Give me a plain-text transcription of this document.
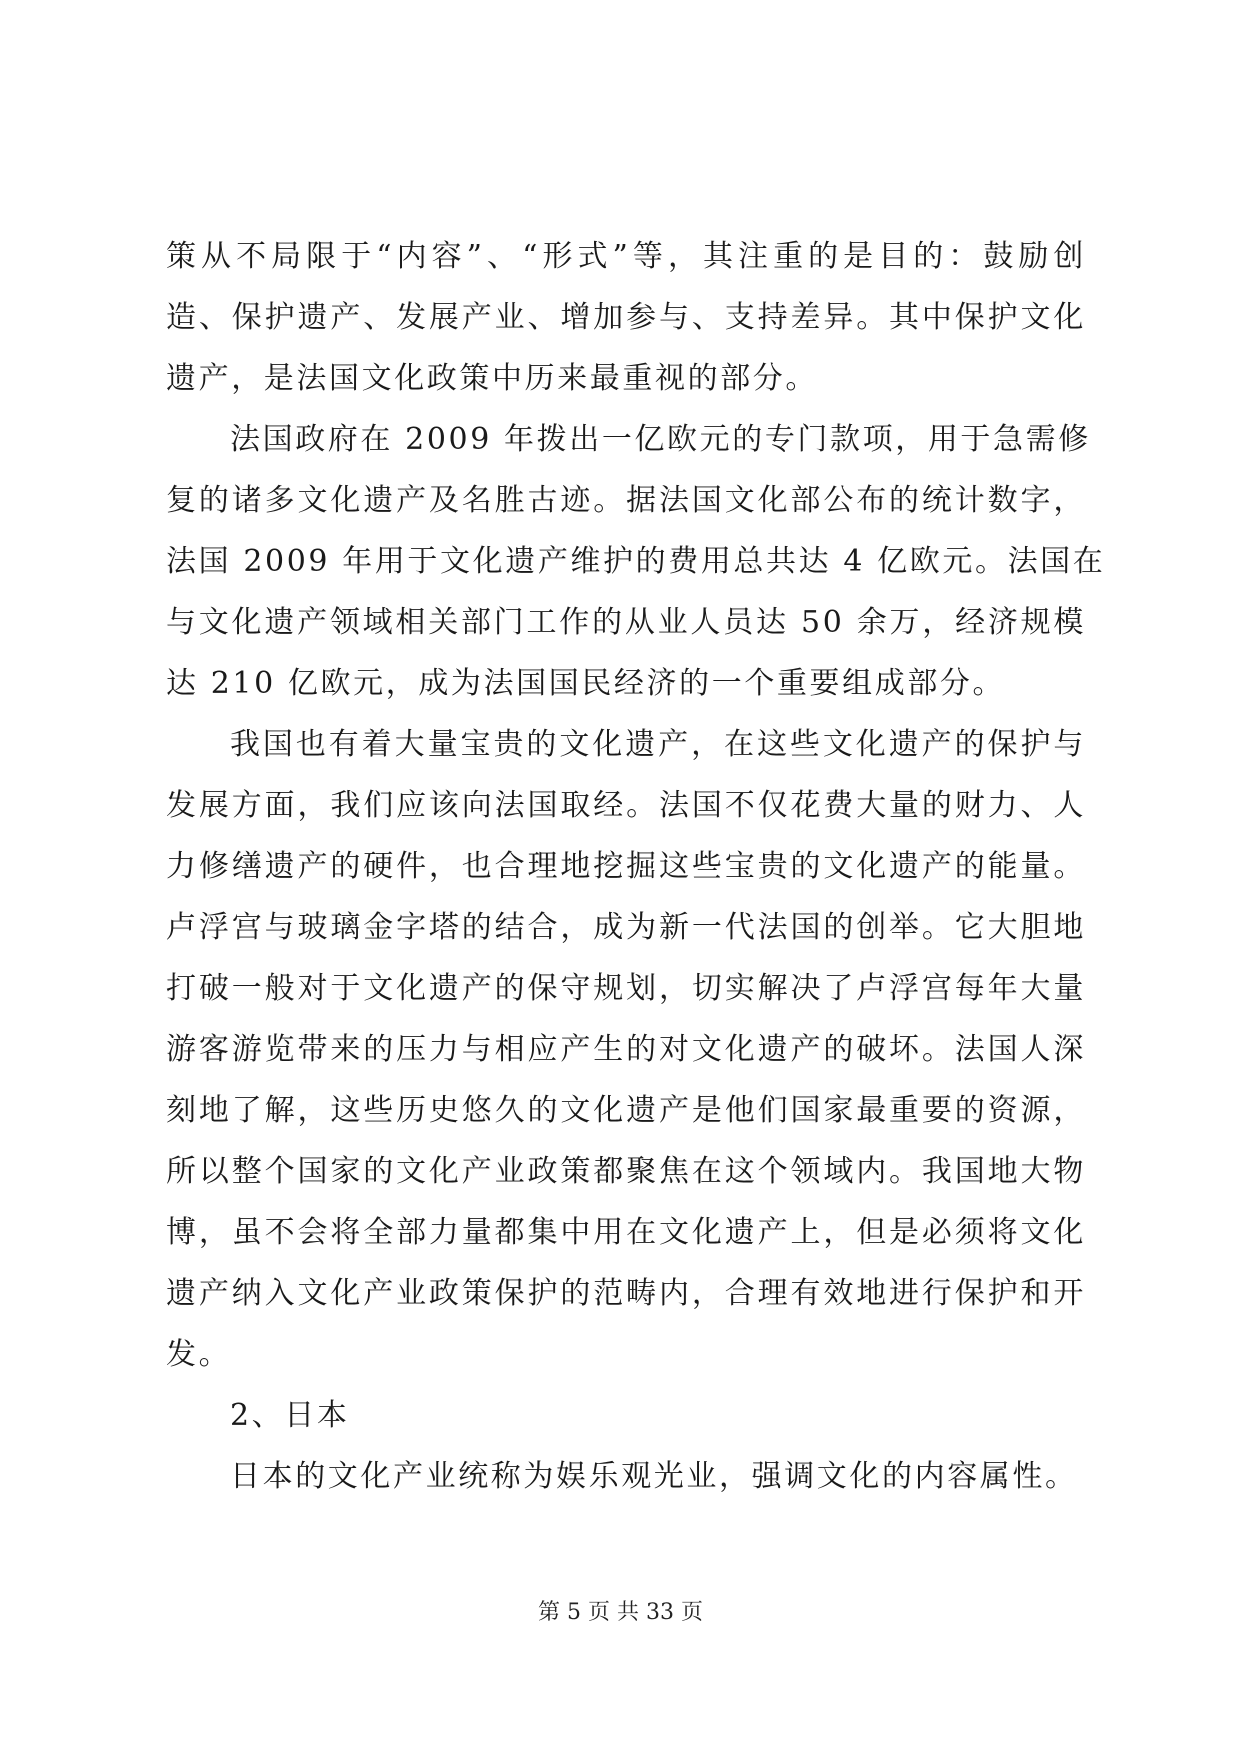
策从不局限于“内容”、“形式”等，其注重的是目的：鼓励创
造、保护遗产、发展产业、增加参与、支持差异。其中保护文化
遗产，是法国文化政策中历来最重视的部分。
法国政府在 2009 年拨出一亿欧元的专门款项，用于急需修
复的诸多文化遗产及名胜古迹。据法国文化部公布的统计数字，
法国 2009 年用于文化遗产维护的费用总共达 4 亿欧元。法国在
与文化遗产领域相关部门工作的从业人员达 50 余万，经济规模
达 210 亿欧元，成为法国国民经济的一个重要组成部分。
我国也有着大量宝贵的文化遗产，在这些文化遗产的保护与
发展方面，我们应该向法国取经。法国不仅花费大量的财力、人
力修缮遗产的硬件，也合理地挖掘这些宝贵的文化遗产的能量。
卢浮宫与玻璃金字塔的结合，成为新一代法国的创举。它大胆地
打破一般对于文化遗产的保守规划，切实解决了卢浮宫每年大量
游客游览带来的压力与相应产生的对文化遗产的破坏。法国人深
刻地了解，这些历史悠久的文化遗产是他们国家最重要的资源，
所以整个国家的文化产业政策都聚焦在这个领域内。我国地大物
博，虽不会将全部力量都集中用在文化遗产上，但是必须将文化
遗产纳入文化产业政策保护的范畴内，合理有效地进行保护和开
发。
2、日本
日本的文化产业统称为娱乐观光业，强调文化的内容属性。
第 5 页 共 33 页
